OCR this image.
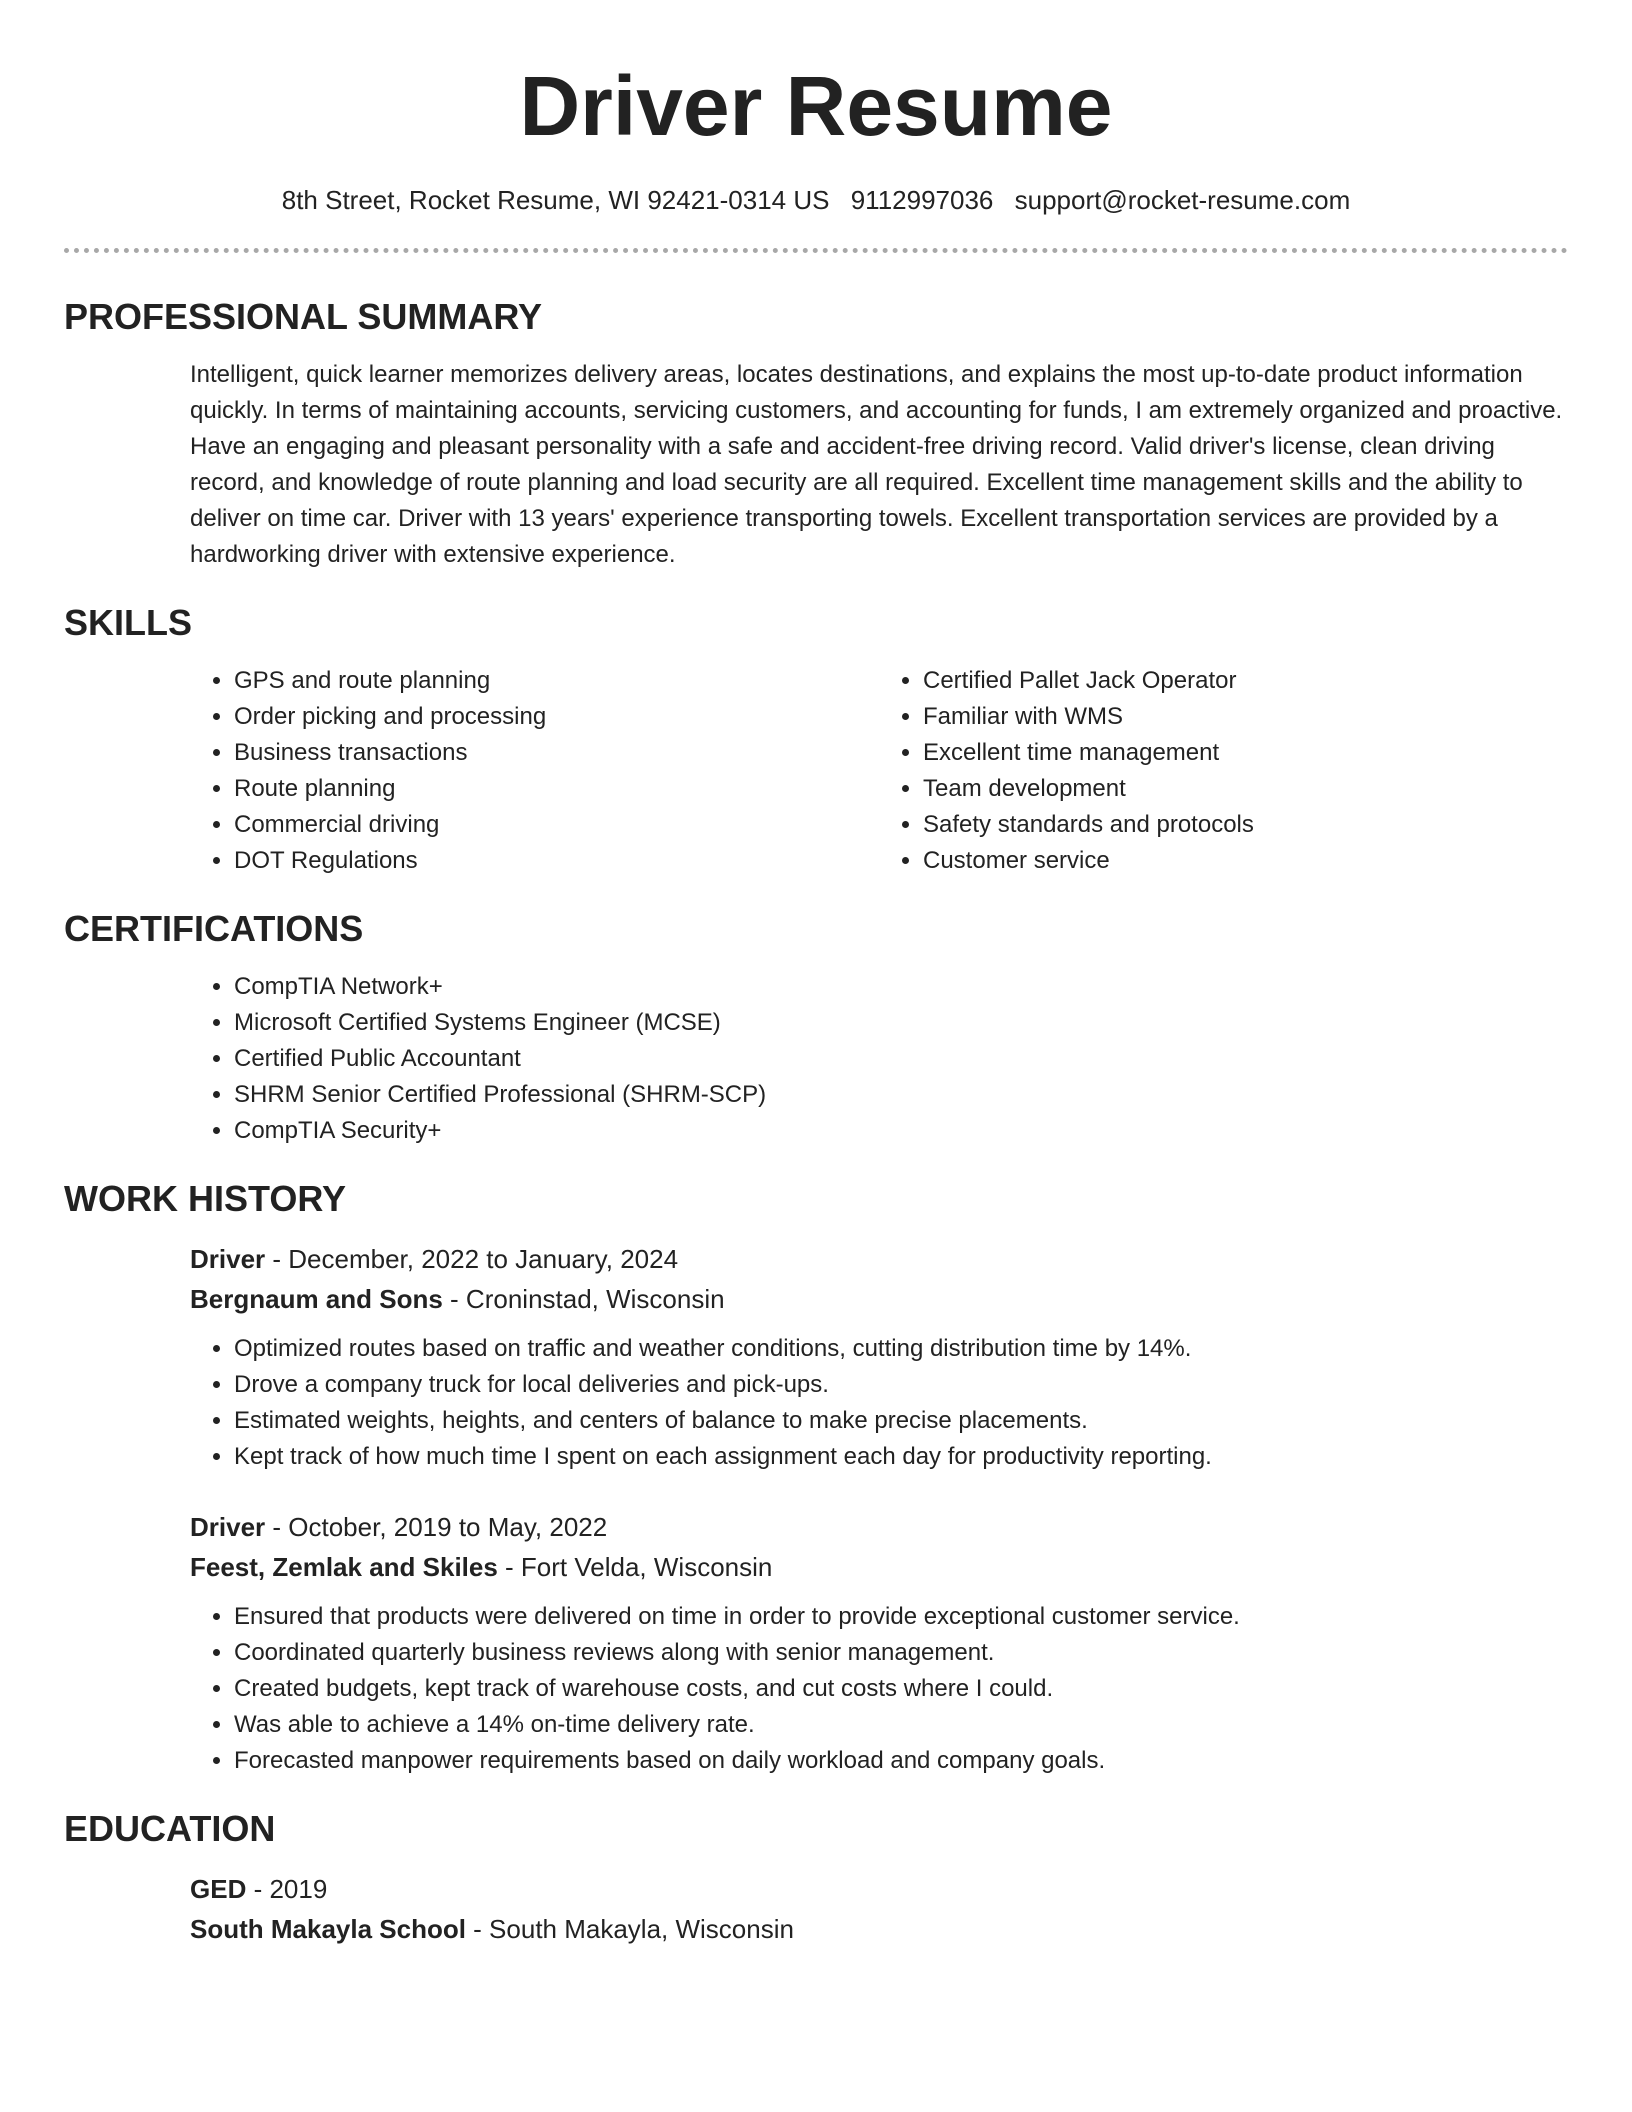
Driver Resume
8th Street, Rocket Resume, WI 92421-0314 US 9112997036 support@rocket-resume.com
PROFESSIONAL SUMMARY
Intelligent, quick learner memorizes delivery areas, locates destinations, and explains the most up-to-date product information quickly. In terms of maintaining accounts, servicing customers, and accounting for funds, I am extremely organized and proactive. Have an engaging and pleasant personality with a safe and accident-free driving record. Valid driver's license, clean driving record, and knowledge of route planning and load security are all required. Excellent time management skills and the ability to deliver on time car. Driver with 13 years' experience transporting towels. Excellent transportation services are provided by a hardworking driver with extensive experience.
SKILLS
• GPS and route planning
• Order picking and processing
• Business transactions
• Route planning
• Commercial driving
• DOT Regulations
• Certified Pallet Jack Operator
• Familiar with WMS
• Excellent time management
• Team development
• Safety standards and protocols
• Customer service
CERTIFICATIONS
• CompTIA Network+
• Microsoft Certified Systems Engineer (MCSE)
• Certified Public Accountant
• SHRM Senior Certified Professional (SHRM-SCP)
• CompTIA Security+
WORK HISTORY
Driver - December, 2022 to January, 2024
Bergnaum and Sons - Croninstad, Wisconsin
• Optimized routes based on traffic and weather conditions, cutting distribution time by 14%.
• Drove a company truck for local deliveries and pick-ups.
• Estimated weights, heights, and centers of balance to make precise placements.
• Kept track of how much time I spent on each assignment each day for productivity reporting.
Driver - October, 2019 to May, 2022
Feest, Zemlak and Skiles - Fort Velda, Wisconsin
• Ensured that products were delivered on time in order to provide exceptional customer service.
• Coordinated quarterly business reviews along with senior management.
• Created budgets, kept track of warehouse costs, and cut costs where I could.
• Was able to achieve a 14% on-time delivery rate.
• Forecasted manpower requirements based on daily workload and company goals.
EDUCATION
GED - 2019
South Makayla School - South Makayla, Wisconsin
